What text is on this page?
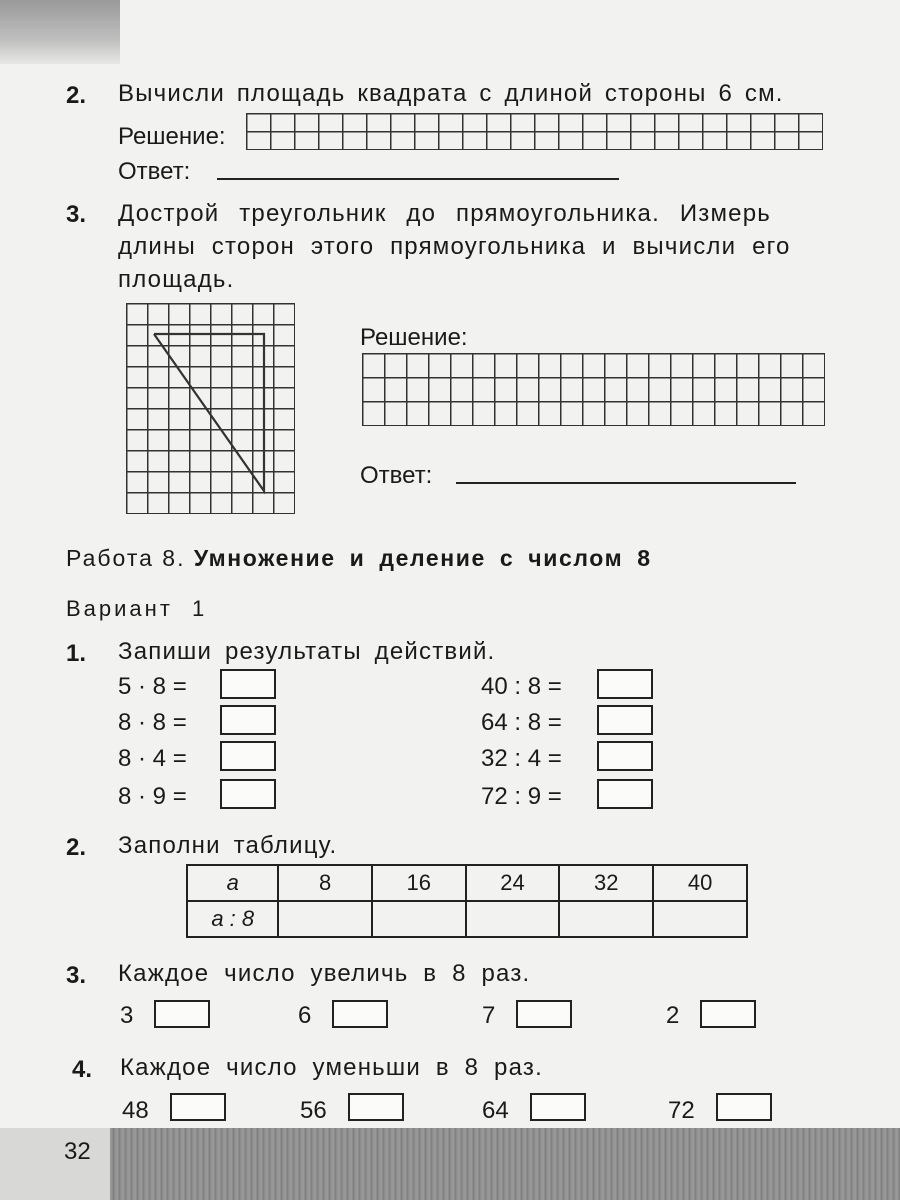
2. Вычисли площадь квадрата с длиной стороны 6 см.
Решение:
Ответ:
3. Дострой треугольник до прямоугольника. Измерь
длины сторон этого прямоугольника и вычисли его
площадь.
Решение:
Ответ:
Работа 8. Умножение и деление с числом 8
Вариант 1
1. Запиши результаты действий.
5 · 8 =
8 · 8 =
8 · 4 =
8 · 9 =
40 : 8 =
64 : 8 =
32 : 4 =
72 : 9 =
2. Заполни таблицу.
a	8	16	24	32	40
a : 8					
3. Каждое число увеличь в 8 раз.
3	6	7	2
4. Каждое число уменьши в 8 раз.
48	56	64	72
32
